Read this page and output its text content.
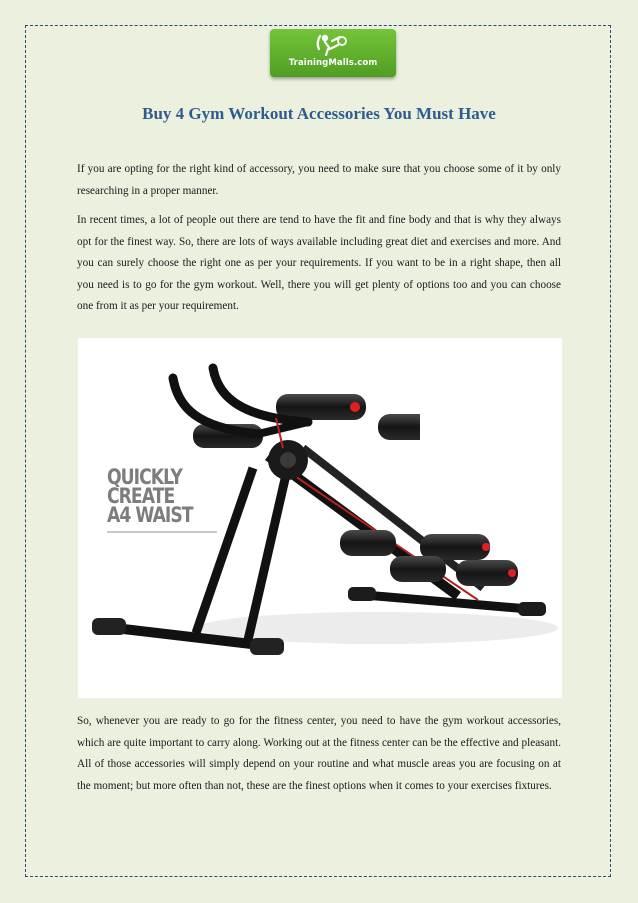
TrainingMalls.com
Buy 4 Gym Workout Accessories You Must Have

If you are opting for the right kind of accessory, you need to make sure that you choose some of it by only researching in a proper manner.

In recent times, a lot of people out there are tend to have the fit and fine body and that is why they always opt for the finest way. So, there are lots of ways available including great diet and exercises and more. And you can surely choose the right one as per your requirements. If you want to be in a right shape, then all you need is to go for the gym workout. Well, there you will get plenty of options too and you can choose one from it as per your requirement.

QUICKLY
CREATE
A4 WAIST

So, whenever you are ready to go for the fitness center, you need to have the gym workout accessories, which are quite important to carry along. Working out at the fitness center can be the effective and pleasant. All of those accessories will simply depend on your routine and what muscle areas you are focusing on at the moment; but more often than not, these are the finest options when it comes to your exercises fixtures.
